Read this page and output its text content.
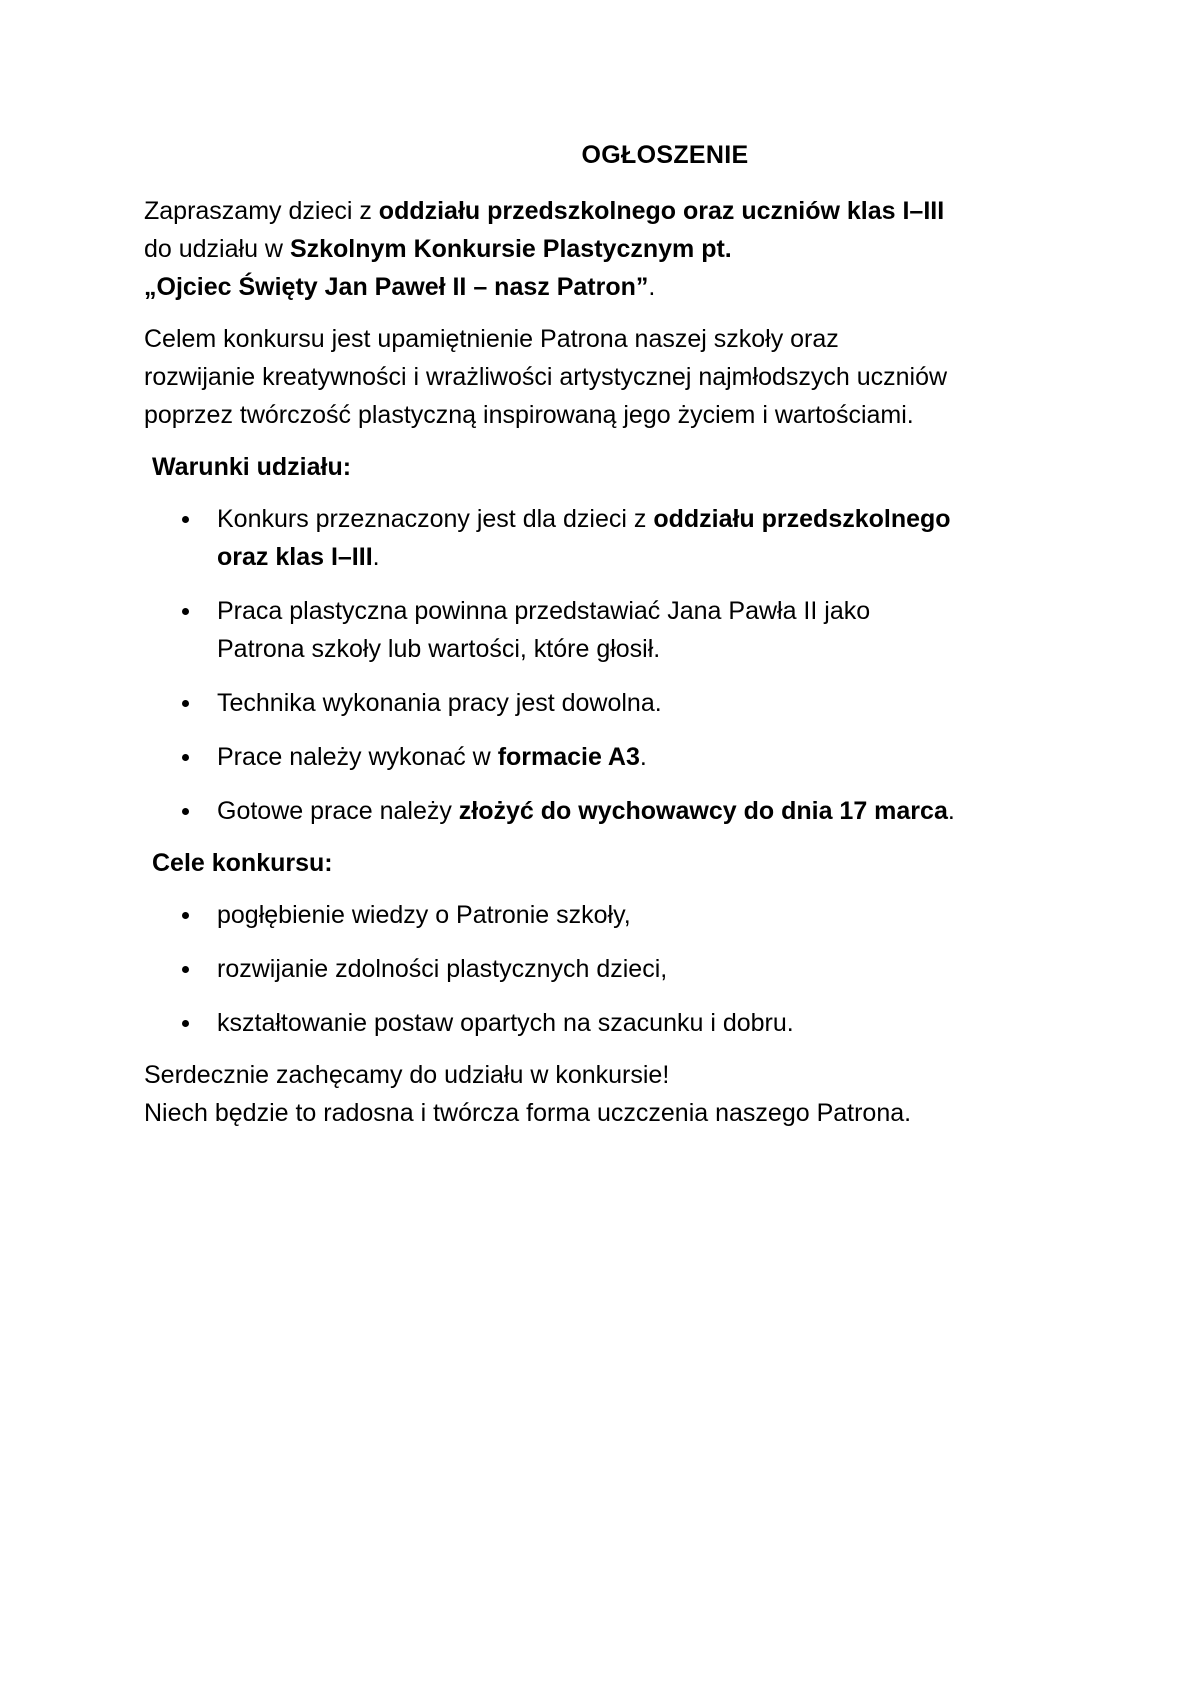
OGŁOSZENIE

Zapraszamy dzieci z oddziału przedszkolnego oraz uczniów klas I–III
do udziału w Szkolnym Konkursie Plastycznym pt.
„Ojciec Święty Jan Paweł II – nasz Patron”.

Celem konkursu jest upamiętnienie Patrona naszej szkoły oraz
rozwijanie kreatywności i wrażliwości artystycznej najmłodszych uczniów
poprzez twórczość plastyczną inspirowaną jego życiem i wartościami.

Warunki udziału:

Konkurs przeznaczony jest dla dzieci z oddziału przedszkolnego
oraz klas I–III.
Praca plastyczna powinna przedstawiać Jana Pawła II jako
Patrona szkoły lub wartości, które głosił.
Technika wykonania pracy jest dowolna.
Prace należy wykonać w formacie A3.
Gotowe prace należy złożyć do wychowawcy do dnia 17 marca.

Cele konkursu:

pogłębienie wiedzy o Patronie szkoły,
rozwijanie zdolności plastycznych dzieci,
kształtowanie postaw opartych na szacunku i dobru.

Serdecznie zachęcamy do udziału w konkursie!
Niech będzie to radosna i twórcza forma uczczenia naszego Patrona.
